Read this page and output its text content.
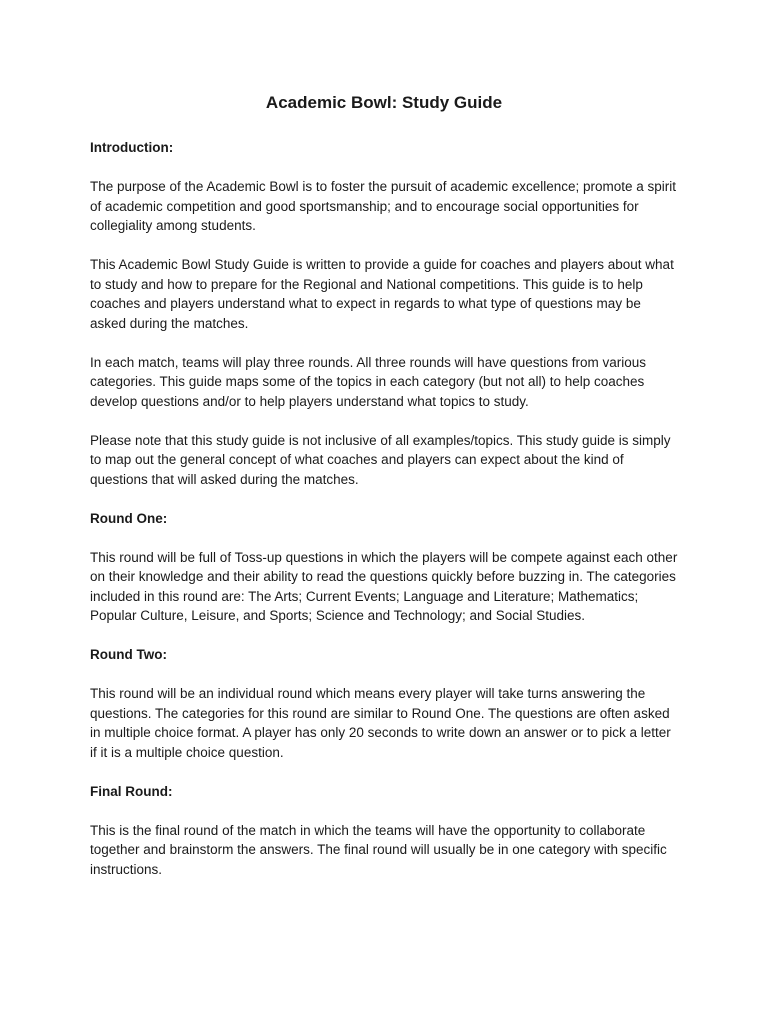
Academic Bowl: Study Guide
Introduction:

The purpose of the Academic Bowl is to foster the pursuit of academic excellence; promote a spirit of academic competition and good sportsmanship; and to encourage social opportunities for collegiality among students.

This Academic Bowl Study Guide is written to provide a guide for coaches and players about what to study and how to prepare for the Regional and National competitions. This guide is to help coaches and players understand what to expect in regards to what type of questions may be asked during the matches.

In each match, teams will play three rounds. All three rounds will have questions from various categories. This guide maps some of the topics in each category (but not all) to help coaches develop questions and/or to help players understand what topics to study.

Please note that this study guide is not inclusive of all examples/topics. This study guide is simply to map out the general concept of what coaches and players can expect about the kind of questions that will asked during the matches.

Round One:

This round will be full of Toss-up questions in which the players will be compete against each other on their knowledge and their ability to read the questions quickly before buzzing in. The categories included in this round are: The Arts; Current Events; Language and Literature; Mathematics; Popular Culture, Leisure, and Sports; Science and Technology; and Social Studies.

Round Two:

This round will be an individual round which means every player will take turns answering the questions. The categories for this round are similar to Round One. The questions are often asked in multiple choice format. A player has only 20 seconds to write down an answer or to pick a letter if it is a multiple choice question.

Final Round:

This is the final round of the match in which the teams will have the opportunity to collaborate together and brainstorm the answers. The final round will usually be in one category with specific instructions.
